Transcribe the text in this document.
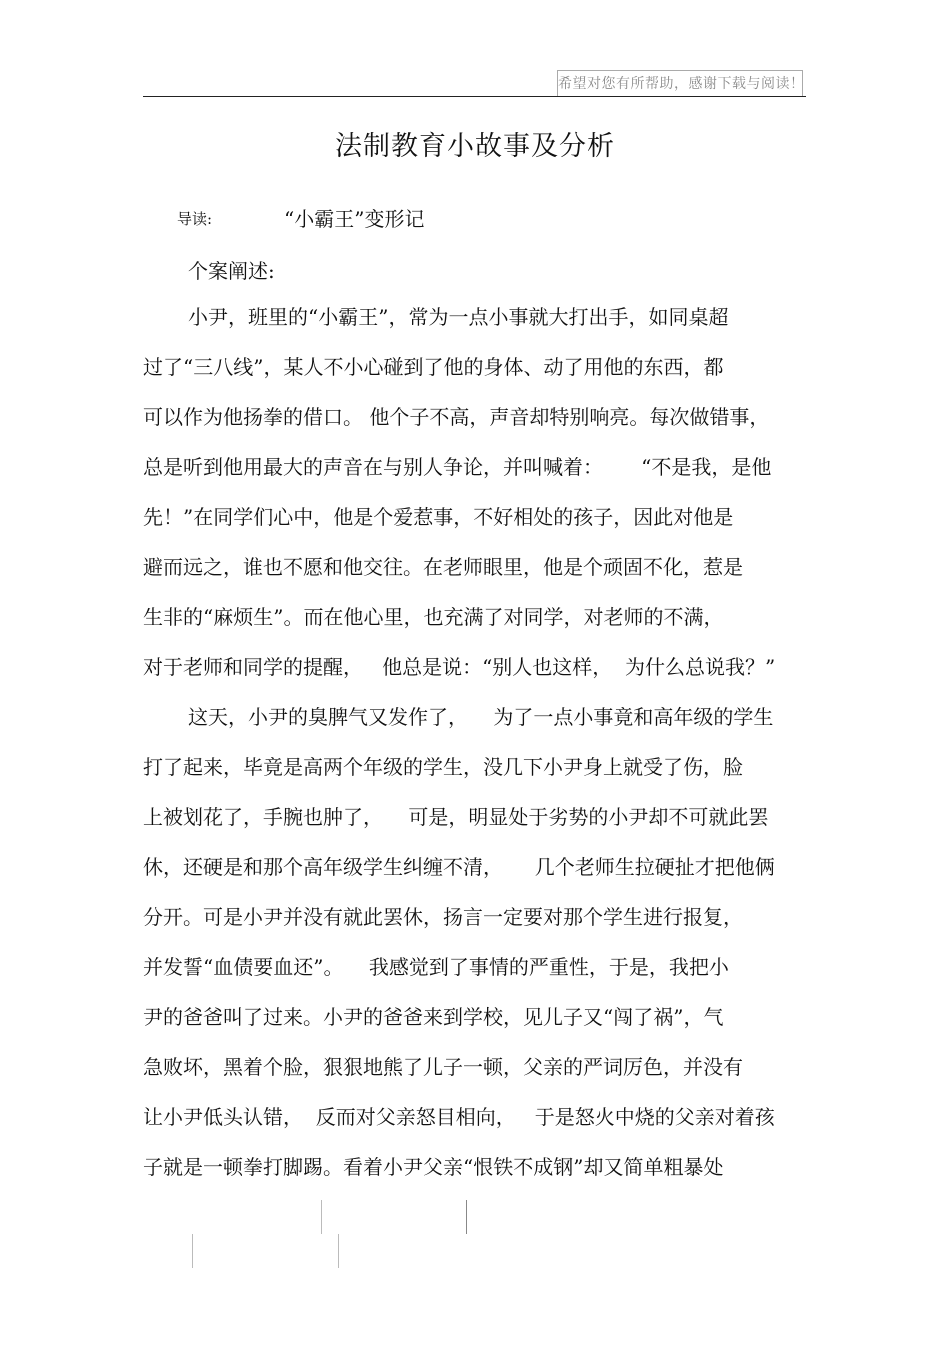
希望对您有所帮助，感谢下载与阅读！
法制教育小故事及分析
导读:	“小霸王”变形记
个案阐述:
小尹，班里的“小霸王”，常为一点小事就大打出手，如同桌超
过了“三八线”，某人不小心碰到了他的身体、动了用他的东西，都
可以作为他扬拳的借口。 他个子不高，声音却特别响亮。每次做错事，
总是听到他用最大的声音在与别人争论，并叫喊着：      “不是我，是他
先！”在同学们心中，他是个爱惹事，不好相处的孩子，因此对他是
避而远之，谁也不愿和他交往。在老师眼里，他是个顽固不化，惹是
生非的“麻烦生”。而在他心里，也充满了对同学，对老师的不满，
对于老师和同学的提醒，   他总是说：“别人也这样，  为什么总说我？”
这天，小尹的臭脾气又发作了，    为了一点小事竟和高年级的学生
打了起来，毕竟是高两个年级的学生，没几下小尹身上就受了伤，脸
上被划花了，手腕也肿了，    可是，明显处于劣势的小尹却不可就此罢
休，还硬是和那个高年级学生纠缠不清，     几个老师生拉硬扯才把他俩
分开。可是小尹并没有就此罢休，扬言一定要对那个学生进行报复，
并发誓“血债要血还”。    我感觉到了事情的严重性，于是，我把小
尹的爸爸叫了过来。小尹的爸爸来到学校，见儿子又“闯了祸”，气
急败坏，黑着个脸，狠狠地熊了儿子一顿，父亲的严词厉色，并没有
让小尹低头认错，  反而对父亲怒目相向，   于是怒火中烧的父亲对着孩
子就是一顿拳打脚踢。看着小尹父亲“恨铁不成钢”却又简单粗暴处
